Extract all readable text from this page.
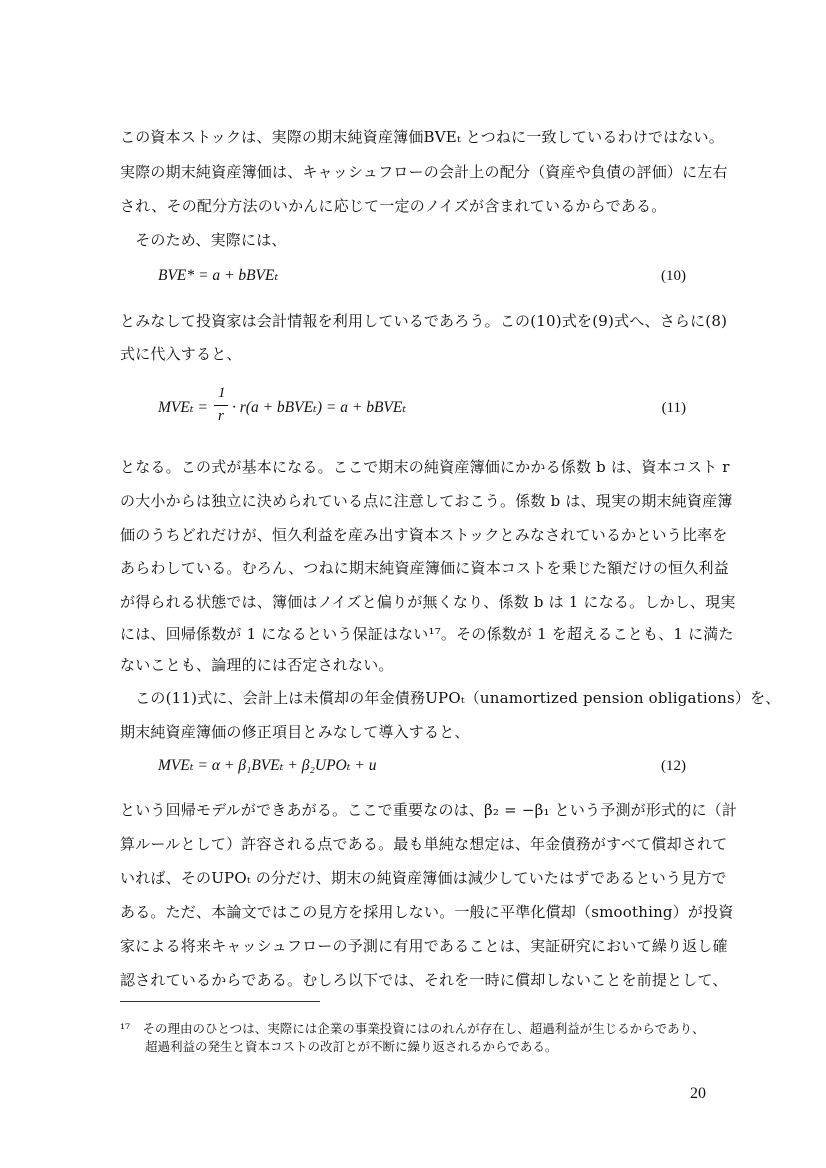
この資本ストックは、実際の期末純資産簿価BVEₜ とつねに一致しているわけではない。
実際の期末純資産簿価は、キャッシュフローの会計上の配分（資産や負債の評価）に左右
され、その配分方法のいかんに応じて一定のノイズが含まれているからである。
　そのため、実際には、
BVE* = a + bBVEₜ	(10)
とみなして投資家は会計情報を利用しているであろう。この(10)式を(9)式へ、さらに(8)
式に代入すると、
MVEₜ =
1
r · r(a + bBVEₜ) = a + bBVEₜ	(11)
となる。この式が基本になる。ここで期末の純資産簿価にかかる係数 b は、資本コスト r
の大小からは独立に決められている点に注意しておこう。係数 b は、現実の期末純資産簿
価のうちどれだけが、恒久利益を産み出す資本ストックとみなされているかという比率を
あらわしている。むろん、つねに期末純資産簿価に資本コストを乗じた額だけの恒久利益
が得られる状態では、簿価はノイズと偏りが無くなり、係数 b は 1 になる。しかし、現実
には、回帰係数が 1 になるという保証はない¹⁷。その係数が 1 を超えることも、1 に満た
ないことも、論理的には否定されない。
　この(11)式に、会計上は未償却の年金債務UPOₜ（unamortized pension obligations）を、
期末純資産簿価の修正項目とみなして導入すると、
MVEₜ = α + β₁BVEₜ + β₂UPOₜ + u	(12)
という回帰モデルができあがる。ここで重要なのは、β₂ = −β₁ という予測が形式的に（計
算ルールとして）許容される点である。最も単純な想定は、年金債務がすべて償却されて
いれば、そのUPOₜ の分だけ、期末の純資産簿価は減少していたはずであるという見方で
ある。ただ、本論文ではこの見方を採用しない。一般に平準化償却（smoothing）が投資
家による将来キャッシュフローの予測に有用であることは、実証研究において繰り返し確
認されているからである。むしろ以下では、それを一時に償却しないことを前提として、
¹⁷　その理由のひとつは、実際には企業の事業投資にはのれんが存在し、超過利益が生じるからであり、
　　超過利益の発生と資本コストの改訂とが不断に繰り返されるからである。
20
